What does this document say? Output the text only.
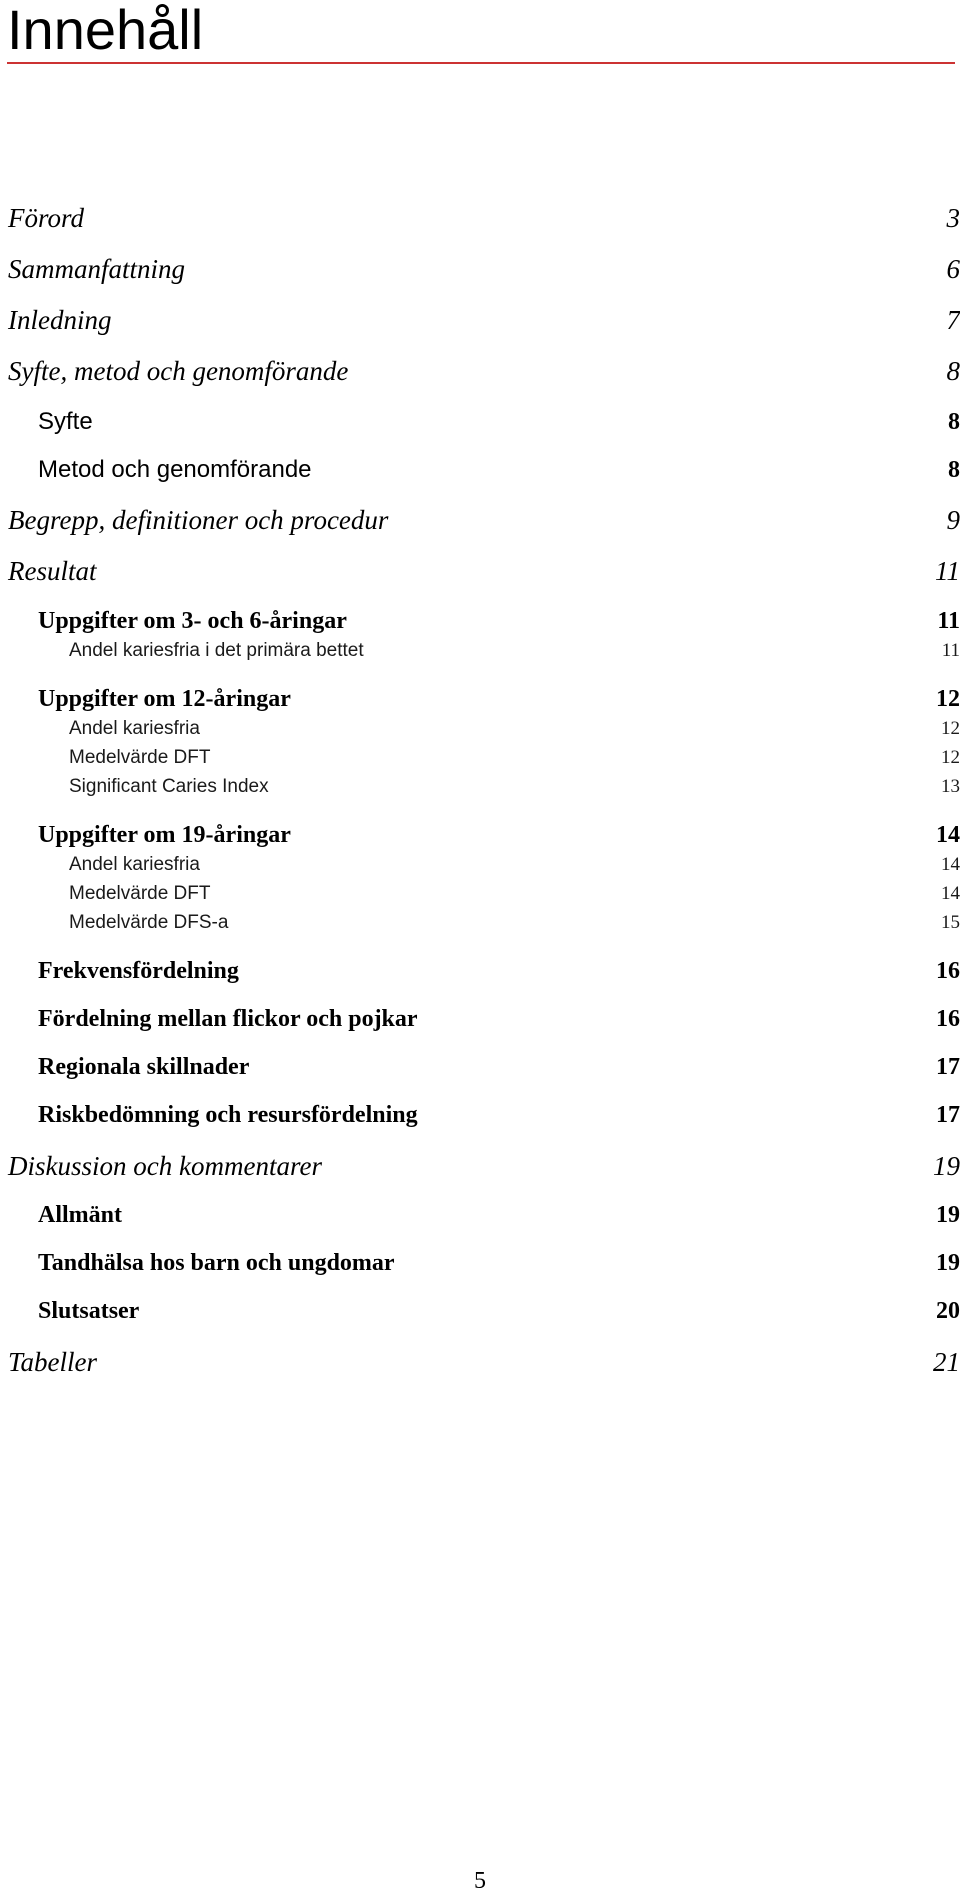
Innehåll
Förord	3
Sammanfattning	6
Inledning	7
Syfte, metod och genomförande	8
Syfte	8
Metod och genomförande	8
Begrepp, definitioner och procedur	9
Resultat	11
Uppgifter om 3- och 6-åringar	11
Andel kariesfria i det primära bettet	11
Uppgifter om 12-åringar	12
Andel kariesfria	12
Medelvärde DFT	12
Significant Caries Index	13
Uppgifter om 19-åringar	14
Andel kariesfria	14
Medelvärde DFT	14
Medelvärde DFS-a	15
Frekvensfördelning	16
Fördelning mellan flickor och pojkar	16
Regionala skillnader	17
Riskbedömning och resursfördelning	17
Diskussion och kommentarer	19
Allmänt	19
Tandhälsa hos barn och ungdomar	19
Slutsatser	20
Tabeller	21
5
